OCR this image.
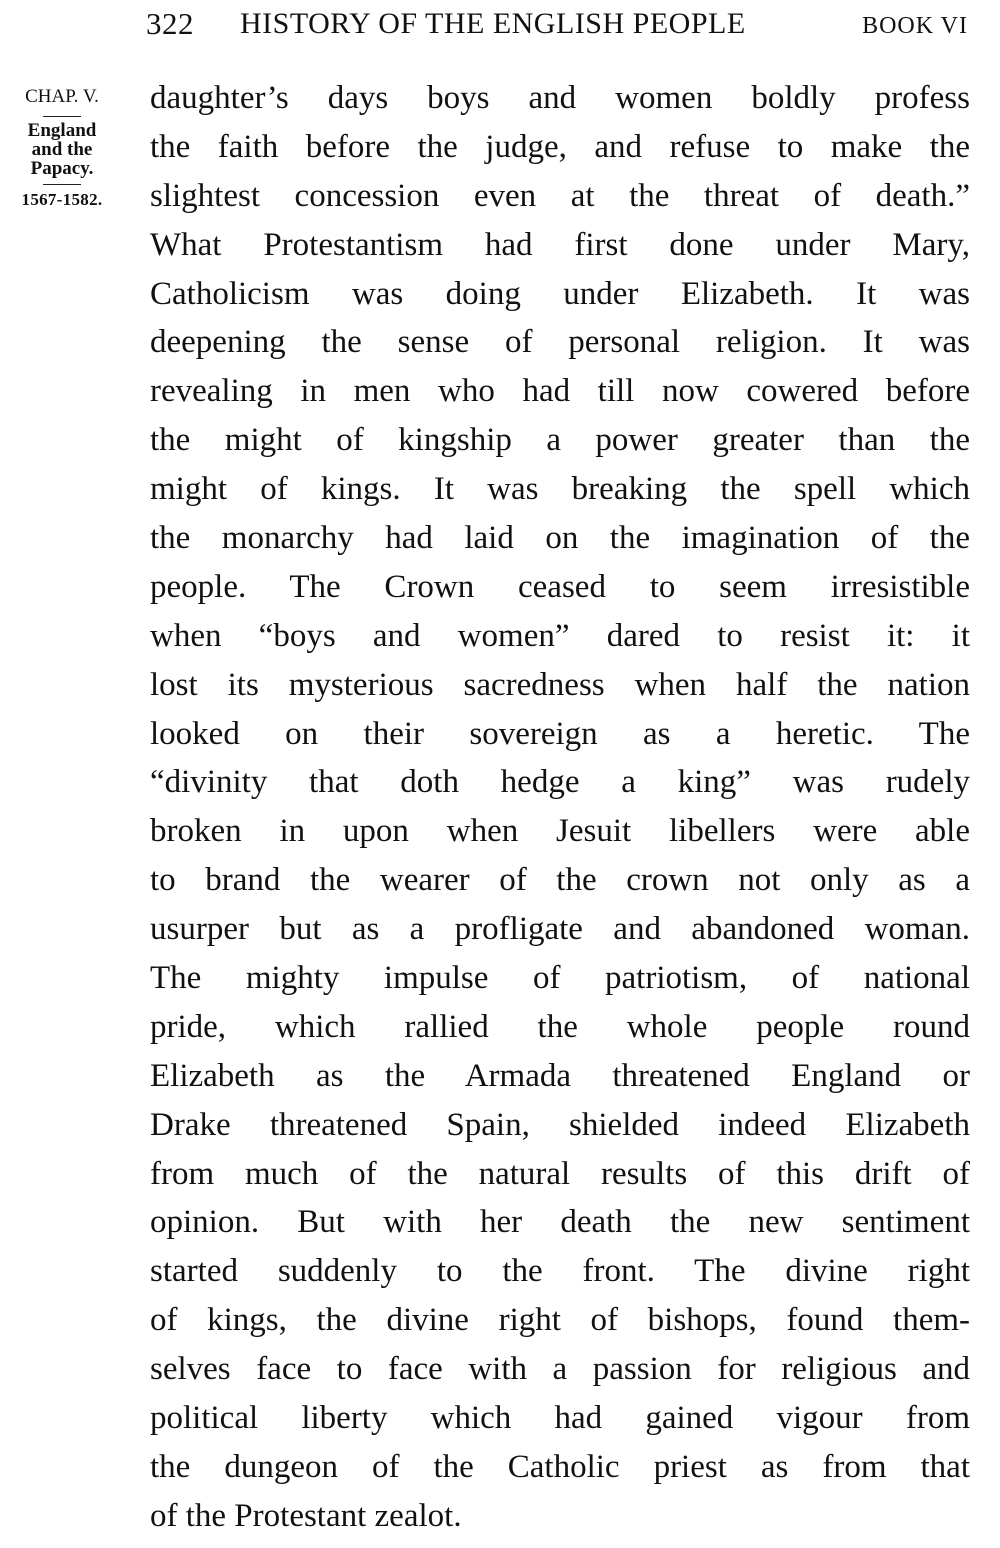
322 HISTORY OF THE ENGLISH PEOPLE	BOOK VI
CHAP. V.
England
and the
Papacy.
1567-1582.
daughter’s days boys and women boldly profess
the faith before the judge, and refuse to make the
slightest concession even at the threat of death.”
What Protestantism had first done under Mary,
Catholicism was doing under Elizabeth. It was
deepening the sense of personal religion. It was
revealing in men who had till now cowered before
the might of kingship a power greater than the
might of kings. It was breaking the spell which
the monarchy had laid on the imagination of the
people. The Crown ceased to seem irresistible
when “boys and women” dared to resist it: it
lost its mysterious sacredness when half the nation
looked on their sovereign as a heretic. The
“divinity that doth hedge a king” was rudely
broken in upon when Jesuit libellers were able
to brand the wearer of the crown not only as a
usurper but as a profligate and abandoned woman.
The mighty impulse of patriotism, of national
pride, which rallied the whole people round
Elizabeth as the Armada threatened England or
Drake threatened Spain, shielded indeed Elizabeth
from much of the natural results of this drift of
opinion. But with her death the new sentiment
started suddenly to the front. The divine right
of kings, the divine right of bishops, found them-
selves face to face with a passion for religious and
political liberty which had gained vigour from
the dungeon of the Catholic priest as from that
of the Protestant zealot.
